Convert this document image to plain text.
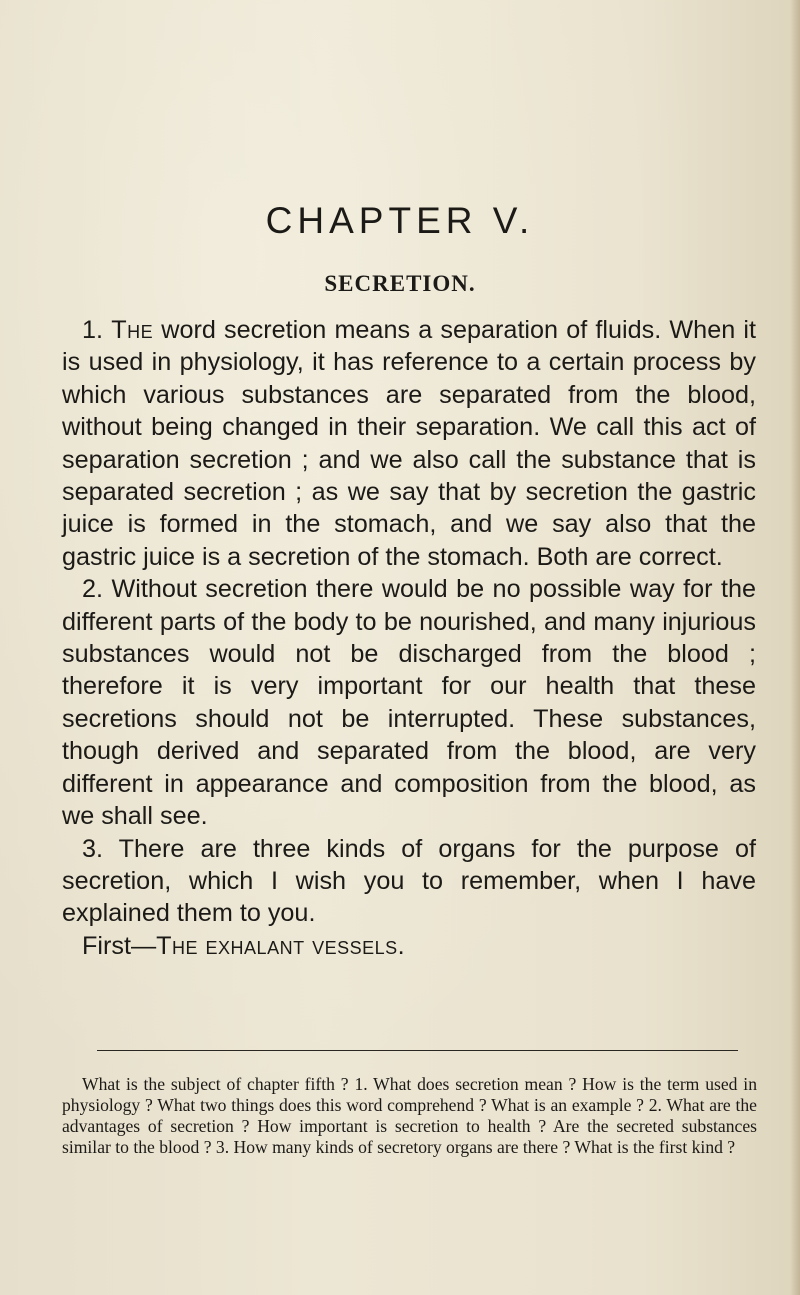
CHAPTER V.
SECRETION.

1. The word secretion means a separation of fluids. When it is used in physiology, it has reference to a certain process by which various substances are separated from the blood, without being changed in their separation. We call this act of separation secretion ; and we also call the substance that is separated secretion ; as we say that by secretion the gastric juice is formed in the stomach, and we say also that the gastric juice is a secretion of the stomach. Both are correct.

2. Without secretion there would be no possible way for the different parts of the body to be nourished, and many injurious substances would not be discharged from the blood ; therefore it is very important for our health that these secretions should not be interrupted. These substances, though derived and separated from the blood, are very different in appearance and composition from the blood, as we shall see.

3. There are three kinds of organs for the purpose of secretion, which I wish you to remember, when I have explained them to you.

First—The exhalant vessels.

What is the subject of chapter fifth ? 1. What does secretion mean ? How is the term used in physiology ? What two things does this word comprehend ? What is an example ? 2. What are the advantages of secretion ? How important is secretion to health ? Are the secreted substances similar to the blood ? 3. How many kinds of secretory organs are there ? What is the first kind ?
